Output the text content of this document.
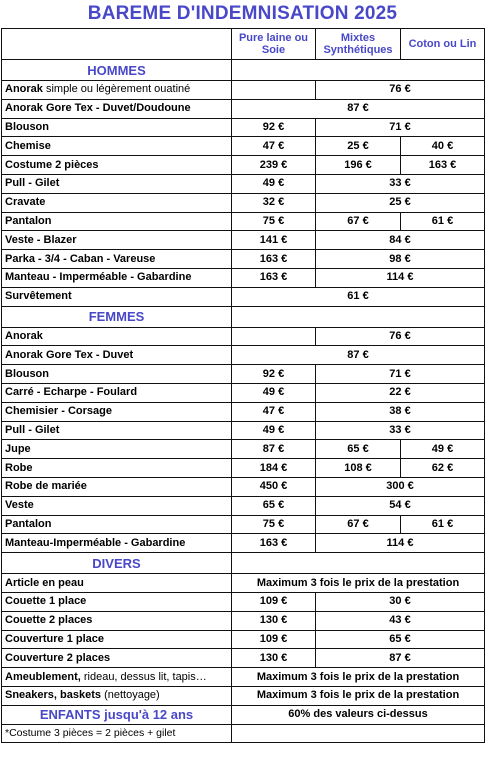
BAREME D'INDEMNISATION 2025
	Pure laine ou Soie	Mixtes Synthétiques	Coton ou Lin
HOMMES			
Anorak simple ou légèrement ouatiné		76 €	
Anorak Gore Tex - Duvet/Doudoune	87 €		
Blouson	92 €	71 €	
Chemise	47 €	25 €	40 €
Costume 2 pièces	239 €	196 €	163 €
Pull - Gilet	49 €	33 €	
Cravate	32 €	25 €	
Pantalon	75 €	67 €	61 €
Veste - Blazer	141 €	84 €	
Parka - 3/4 - Caban - Vareuse	163 €	98 €	
Manteau - Imperméable - Gabardine	163 €	114 €	
Survêtement	61 €		
FEMMES			
Anorak		76 €	
Anorak Gore Tex - Duvet	87 €		
Blouson	92 €	71 €	
Carré - Echarpe - Foulard	49 €	22 €	
Chemisier - Corsage	47 €	38 €	
Pull - Gilet	49 €	33 €	
Jupe	87 €	65 €	49 €
Robe	184 €	108 €	62 €
Robe de mariée	450 €	300 €	
Veste	65 €	54 €	
Pantalon	75 €	67 €	61 €
Manteau-Imperméable - Gabardine	163 €	114 €	
DIVERS			
Article en peau	Maximum 3 fois le prix de la prestation		
Couette 1 place	109 €	30 €	
Couette 2 places	130 €	43 €	
Couverture 1 place	109 €	65 €	
Couverture 2 places	130 €	87 €	
Ameublement, rideau, dessus lit, tapis…	Maximum 3 fois le prix de la prestation		
Sneakers, baskets (nettoyage)	Maximum 3 fois le prix de la prestation		
ENFANTS jusqu'à 12 ans	60% des valeurs ci-dessus		
*Costume 3 pièces = 2 pièces + gilet			
